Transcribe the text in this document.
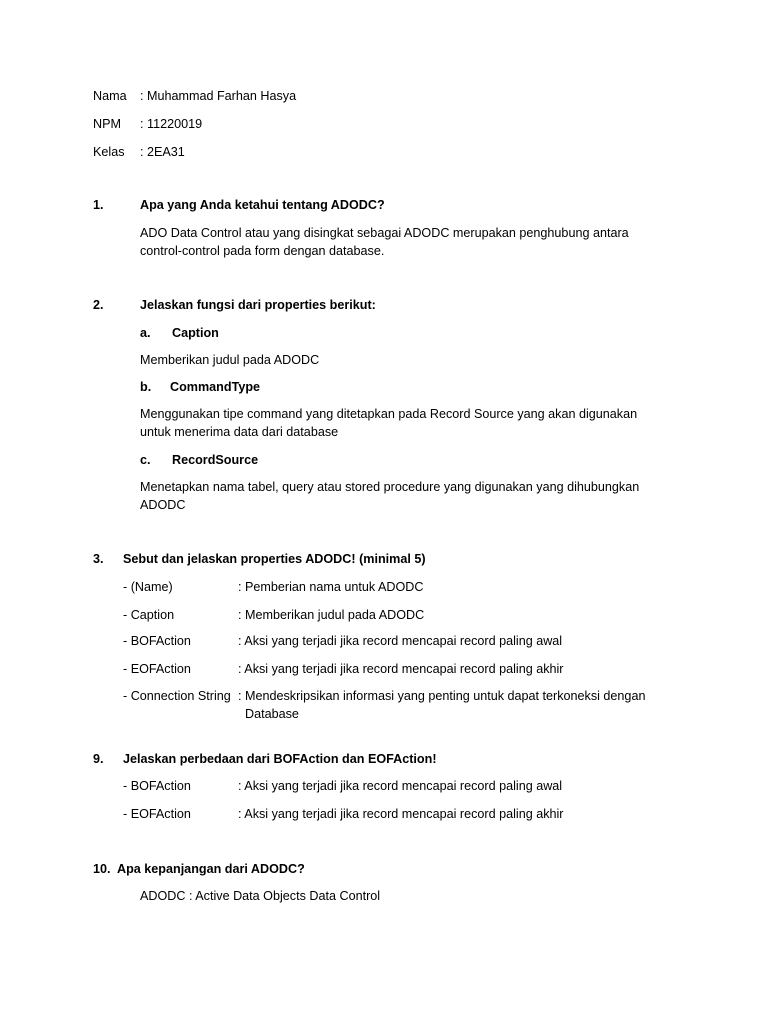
Nama : Muhammad Farhan Hasya
NPM : 11220019
Kelas : 2EA31
1.	Apa yang Anda ketahui tentang ADODC?
ADO Data Control atau yang disingkat sebagai ADODC merupakan penghubung antara
control-control pada form dengan database.
2.	Jelaskan fungsi dari properties berikut:
a. Caption
Memberikan judul pada ADODC
b. CommandType
Menggunakan tipe command yang ditetapkan pada Record Source yang akan digunakan
untuk menerima data dari database
c. RecordSource
Menetapkan nama tabel, query atau stored procedure yang digunakan yang dihubungkan
ADODC
3. Sebut dan jelaskan properties ADODC! (minimal 5)
- (Name)	: Pemberian nama untuk ADODC
- Caption	: Memberikan judul pada ADODC
- BOFAction	: Aksi yang terjadi jika record mencapai record paling awal
- EOFAction	: Aksi yang terjadi jika record mencapai record paling akhir
- Connection String : Mendeskripsikan informasi yang penting untuk dapat terkoneksi dengan
Database
9. Jelaskan perbedaan dari BOFAction dan EOFAction!
- BOFAction	: Aksi yang terjadi jika record mencapai record paling awal
- EOFAction	: Aksi yang terjadi jika record mencapai record paling akhir
10. Apa kepanjangan dari ADODC?
ADODC : Active Data Objects Data Control
